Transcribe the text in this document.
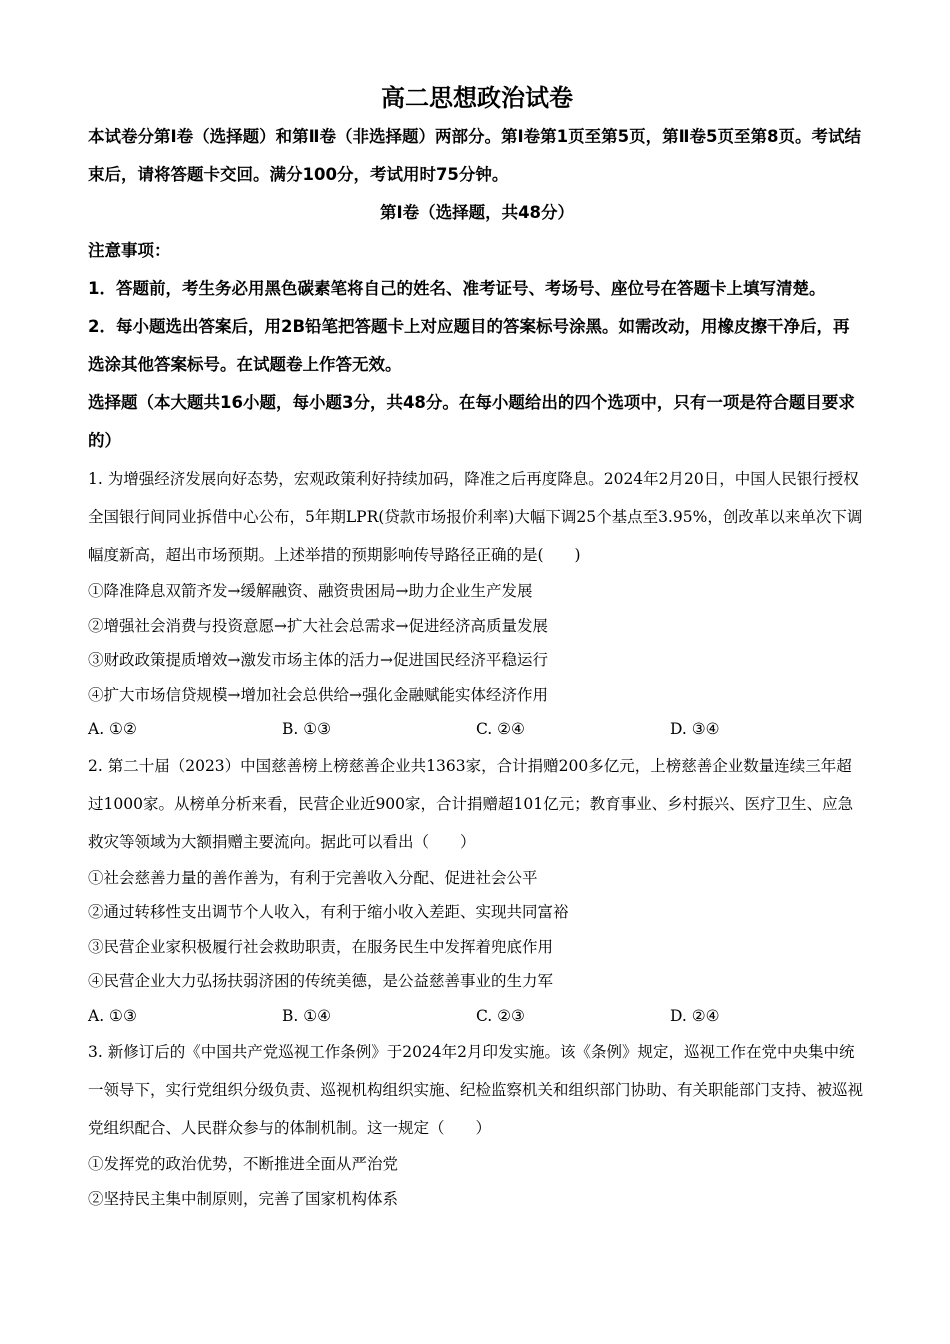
高二思想政治试卷
本试卷分第Ⅰ卷（选择题）和第Ⅱ卷（非选择题）两部分。第Ⅰ卷第1页至第5页，第Ⅱ卷5页至第8页。考试结束后，请将答题卡交回。满分100分，考试用时75分钟。
第Ⅰ卷（选择题，共48分）
注意事项：
1．答题前，考生务必用黑色碳素笔将自己的姓名、准考证号、考场号、座位号在答题卡上填写清楚。
2．每小题选出答案后，用2B铅笔把答题卡上对应题目的答案标号涂黑。如需改动，用橡皮擦干净后，再选涂其他答案标号。在试题卷上作答无效。
选择题（本大题共16小题，每小题3分，共48分。在每小题给出的四个选项中，只有一项是符合题目要求的）
1. 为增强经济发展向好态势，宏观政策利好持续加码，降准之后再度降息。2024年2月20日，中国人民银行授权全国银行间同业拆借中心公布，5年期LPR(贷款市场报价利率)大幅下调25个基点至3.95%，创改革以来单次下调幅度新高，超出市场预期。上述举措的预期影响传导路径正确的是(　　)
①降准降息双箭齐发→缓解融资、融资贵困局→助力企业生产发展
②增强社会消费与投资意愿→扩大社会总需求→促进经济高质量发展
③财政政策提质增效→激发市场主体的活力→促进国民经济平稳运行
④扩大市场信贷规模→增加社会总供给→强化金融赋能实体经济作用
A. ①②	B. ①③	C. ②④	D. ③④
2. 第二十届（2023）中国慈善榜上榜慈善企业共1363家，合计捐赠200多亿元，上榜慈善企业数量连续三年超过1000家。从榜单分析来看，民营企业近900家，合计捐赠超101亿元；教育事业、乡村振兴、医疗卫生、应急救灾等领域为大额捐赠主要流向。据此可以看出（　　）
①社会慈善力量的善作善为，有利于完善收入分配、促进社会公平
②通过转移性支出调节个人收入，有利于缩小收入差距、实现共同富裕
③民营企业家积极履行社会救助职责，在服务民生中发挥着兜底作用
④民营企业大力弘扬扶弱济困的传统美德，是公益慈善事业的生力军
A. ①③	B. ①④	C. ②③	D. ②④
3. 新修订后的《中国共产党巡视工作条例》于2024年2月印发实施。该《条例》规定，巡视工作在党中央集中统一领导下，实行党组织分级负责、巡视机构组织实施、纪检监察机关和组织部门协助、有关职能部门支持、被巡视党组织配合、人民群众参与的体制机制。这一规定（　　）
①发挥党的政治优势，不断推进全面从严治党
②坚持民主集中制原则，完善了国家机构体系
